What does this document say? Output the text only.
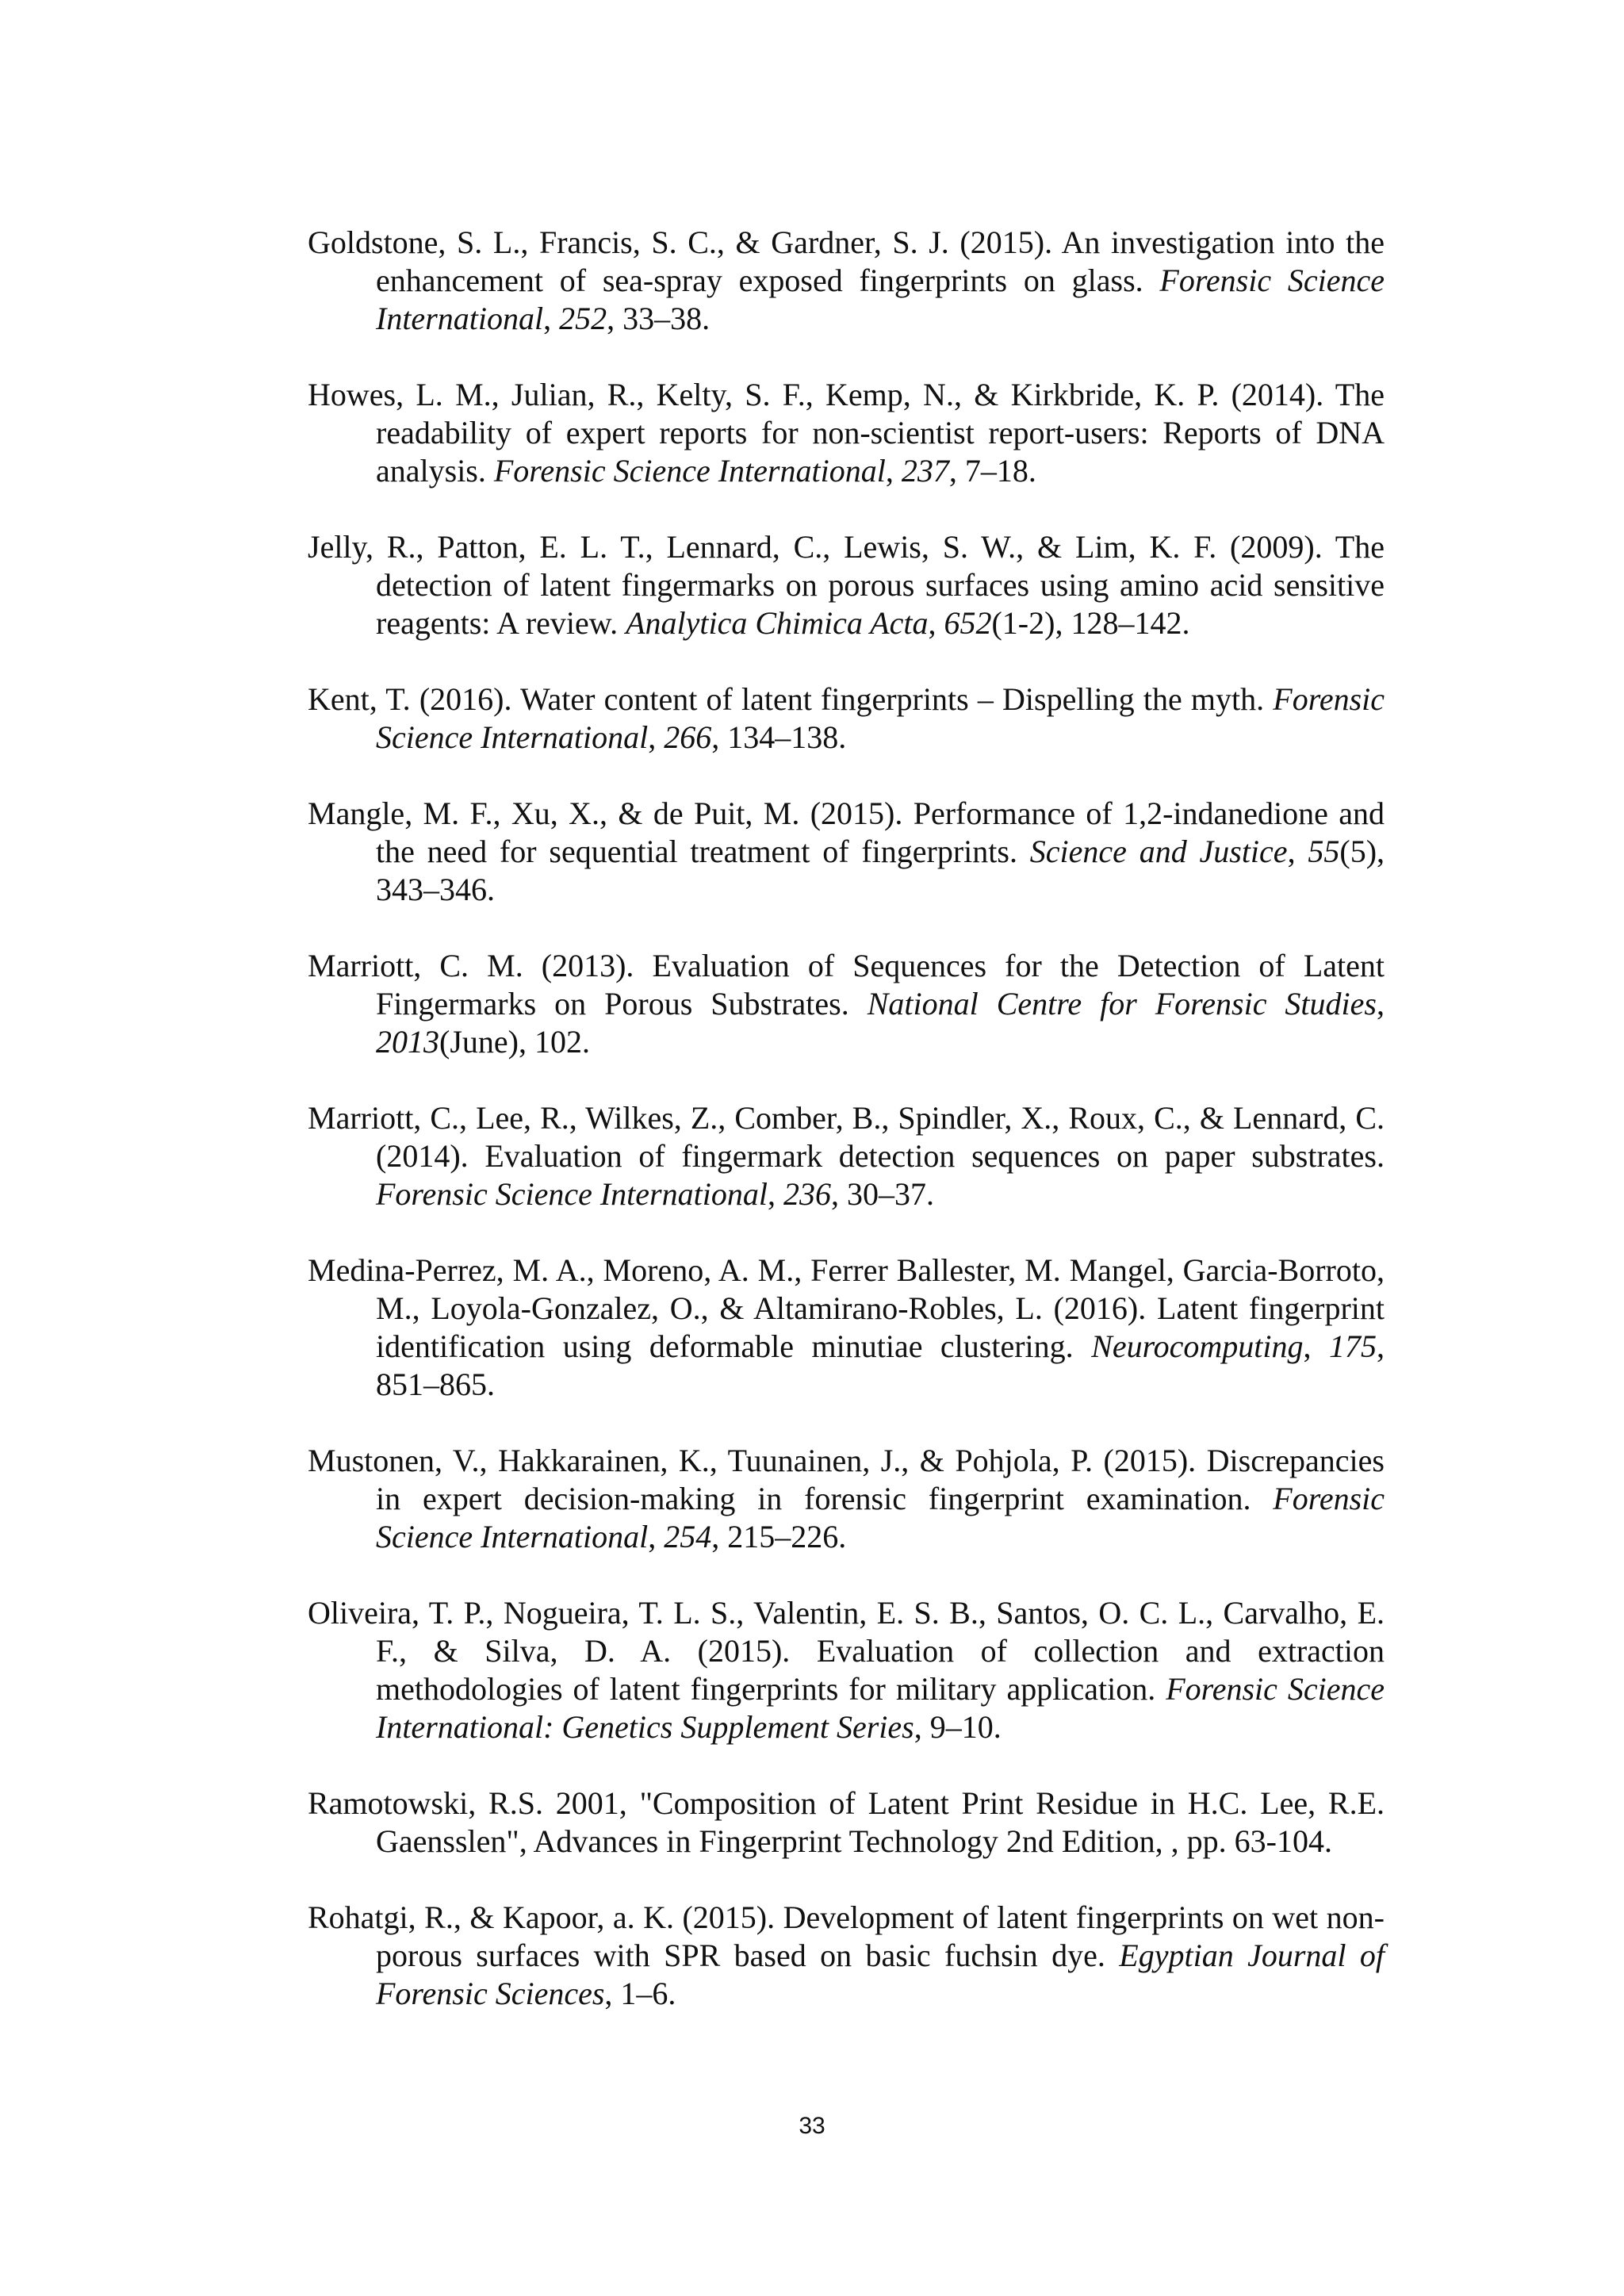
Goldstone, S. L., Francis, S. C., & Gardner, S. J. (2015). An investigation into the enhancement of sea-spray exposed fingerprints on glass. Forensic Science International, 252, 33–38.

Howes, L. M., Julian, R., Kelty, S. F., Kemp, N., & Kirkbride, K. P. (2014). The readability of expert reports for non-scientist report-users: Reports of DNA analysis. Forensic Science International, 237, 7–18.

Jelly, R., Patton, E. L. T., Lennard, C., Lewis, S. W., & Lim, K. F. (2009). The detection of latent fingermarks on porous surfaces using amino acid sensitive reagents: A review. Analytica Chimica Acta, 652(1-2), 128–142.

Kent, T. (2016). Water content of latent fingerprints – Dispelling the myth. Forensic Science International, 266, 134–138.

Mangle, M. F., Xu, X., & de Puit, M. (2015). Performance of 1,2-indanedione and the need for sequential treatment of fingerprints. Science and Justice, 55(5), 343–346.

Marriott, C. M. (2013). Evaluation of Sequences for the Detection of Latent Fingermarks on Porous Substrates. National Centre for Forensic Studies, 2013(June), 102.

Marriott, C., Lee, R., Wilkes, Z., Comber, B., Spindler, X., Roux, C., & Lennard, C. (2014). Evaluation of fingermark detection sequences on paper substrates. Forensic Science International, 236, 30–37.

Medina-Perrez, M. A., Moreno, A. M., Ferrer Ballester, M. Mangel, Garcia-Borroto, M., Loyola-Gonzalez, O., & Altamirano-Robles, L. (2016). Latent fingerprint identification using deformable minutiae clustering. Neurocomputing, 175, 851–865.

Mustonen, V., Hakkarainen, K., Tuunainen, J., & Pohjola, P. (2015). Discrepancies in expert decision-making in forensic fingerprint examination. Forensic Science International, 254, 215–226.

Oliveira, T. P., Nogueira, T. L. S., Valentin, E. S. B., Santos, O. C. L., Carvalho, E. F., & Silva, D. A. (2015). Evaluation of collection and extraction methodologies of latent fingerprints for military application. Forensic Science International: Genetics Supplement Series, 9–10.

Ramotowski, R.S. 2001, "Composition of Latent Print Residue in H.C. Lee, R.E. Gaensslen", Advances in Fingerprint Technology 2nd Edition, , pp. 63-104.

Rohatgi, R., & Kapoor, a. K. (2015). Development of latent fingerprints on wet non-porous surfaces with SPR based on basic fuchsin dye. Egyptian Journal of Forensic Sciences, 1–6.

33
